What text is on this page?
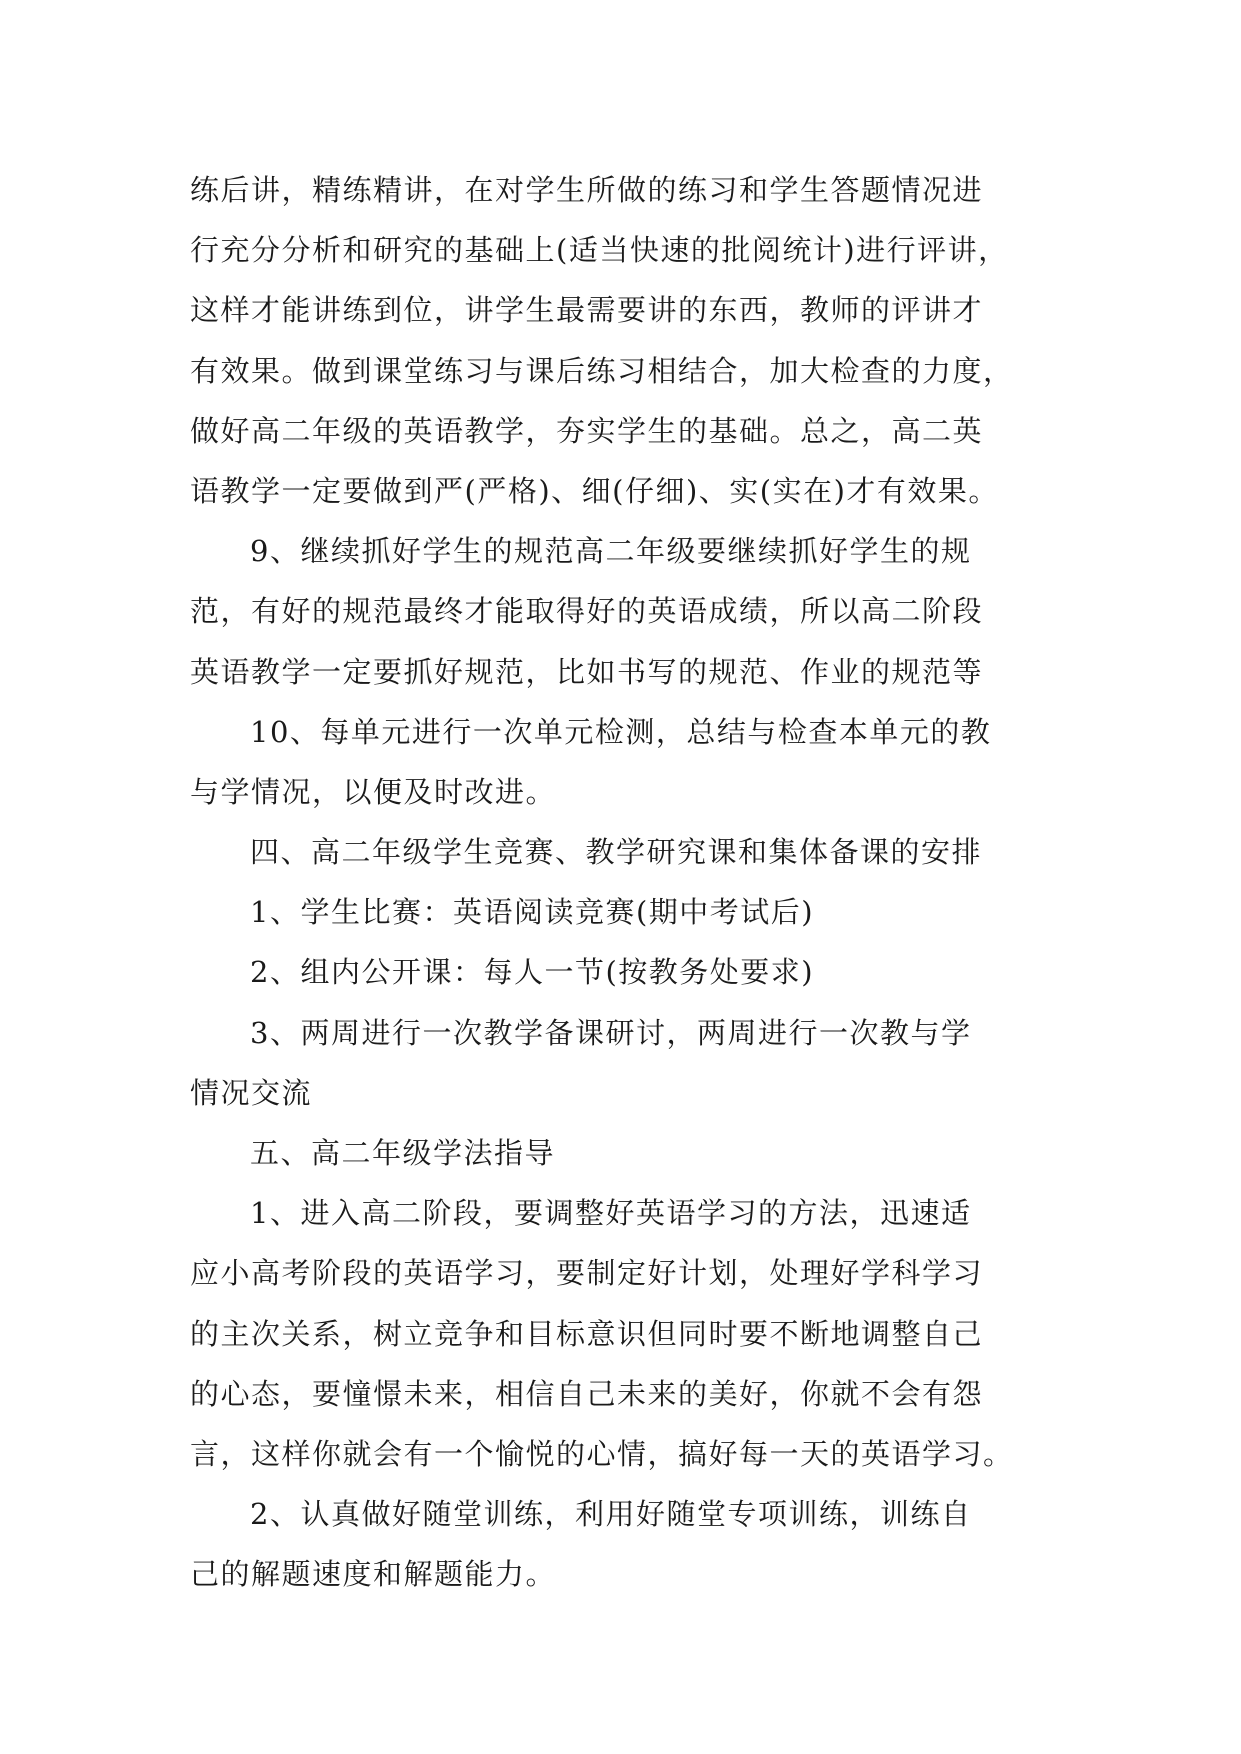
练后讲，精练精讲，在对学生所做的练习和学生答题情况进
行充分分析和研究的基础上(适当快速的批阅统计)进行评讲，
这样才能讲练到位，讲学生最需要讲的东西，教师的评讲才
有效果。做到课堂练习与课后练习相结合，加大检查的力度，
做好高二年级的英语教学，夯实学生的基础。总之，高二英
语教学一定要做到严(严格)、细(仔细)、实(实在)才有效果。
9、继续抓好学生的规范高二年级要继续抓好学生的规
范，有好的规范最终才能取得好的英语成绩，所以高二阶段
英语教学一定要抓好规范，比如书写的规范、作业的规范等
10、每单元进行一次单元检测，总结与检查本单元的教
与学情况，以便及时改进。
四、高二年级学生竞赛、教学研究课和集体备课的安排
1、学生比赛：英语阅读竞赛(期中考试后)
2、组内公开课：每人一节(按教务处要求)
3、两周进行一次教学备课研讨，两周进行一次教与学
情况交流
五、高二年级学法指导
1、进入高二阶段，要调整好英语学习的方法，迅速适
应小高考阶段的英语学习，要制定好计划，处理好学科学习
的主次关系，树立竞争和目标意识但同时要不断地调整自己
的心态，要憧憬未来，相信自己未来的美好，你就不会有怨
言，这样你就会有一个愉悦的心情，搞好每一天的英语学习。
2、认真做好随堂训练，利用好随堂专项训练，训练自
己的解题速度和解题能力。
